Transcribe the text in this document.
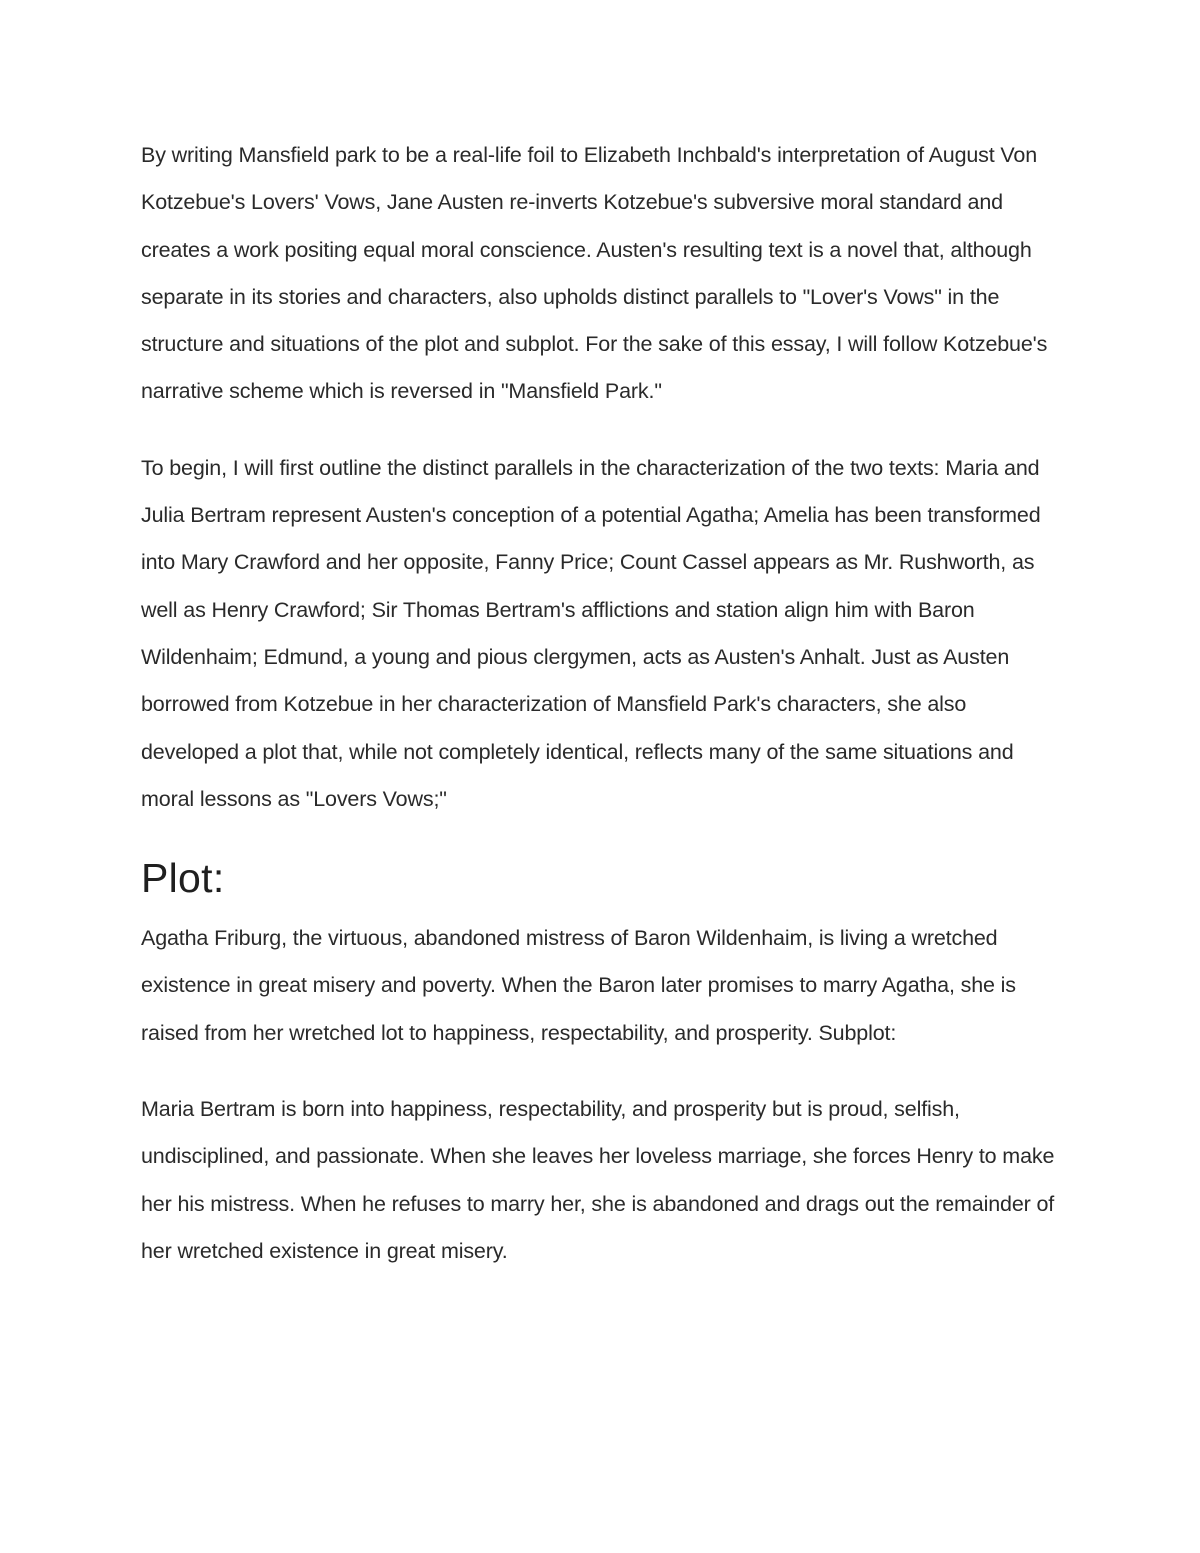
By writing Mansfield park to be a real-life foil to Elizabeth Inchbald's interpretation of August Von Kotzebue's Lovers' Vows, Jane Austen re-inverts Kotzebue's subversive moral standard and creates a work positing equal moral conscience. Austen's resulting text is a novel that, although separate in its stories and characters, also upholds distinct parallels to "Lover's Vows" in the structure and situations of the plot and subplot. For the sake of this essay, I will follow Kotzebue's narrative scheme which is reversed in "Mansfield Park."

To begin, I will first outline the distinct parallels in the characterization of the two texts: Maria and Julia Bertram represent Austen's conception of a potential Agatha; Amelia has been transformed into Mary Crawford and her opposite, Fanny Price; Count Cassel appears as Mr. Rushworth, as well as Henry Crawford; Sir Thomas Bertram's afflictions and station align him with Baron Wildenhaim; Edmund, a young and pious clergymen, acts as Austen's Anhalt. Just as Austen borrowed from Kotzebue in her characterization of Mansfield Park's characters, she also developed a plot that, while not completely identical, reflects many of the same situations and moral lessons as "Lovers Vows;"

Plot:

Agatha Friburg, the virtuous, abandoned mistress of Baron Wildenhaim, is living a wretched existence in great misery and poverty. When the Baron later promises to marry Agatha, she is raised from her wretched lot to happiness, respectability, and prosperity. Subplot:

Maria Bertram is born into happiness, respectability, and prosperity but is proud, selfish, undisciplined, and passionate. When she leaves her loveless marriage, she forces Henry to make her his mistress. When he refuses to marry her, she is abandoned and drags out the remainder of her wretched existence in great misery.
